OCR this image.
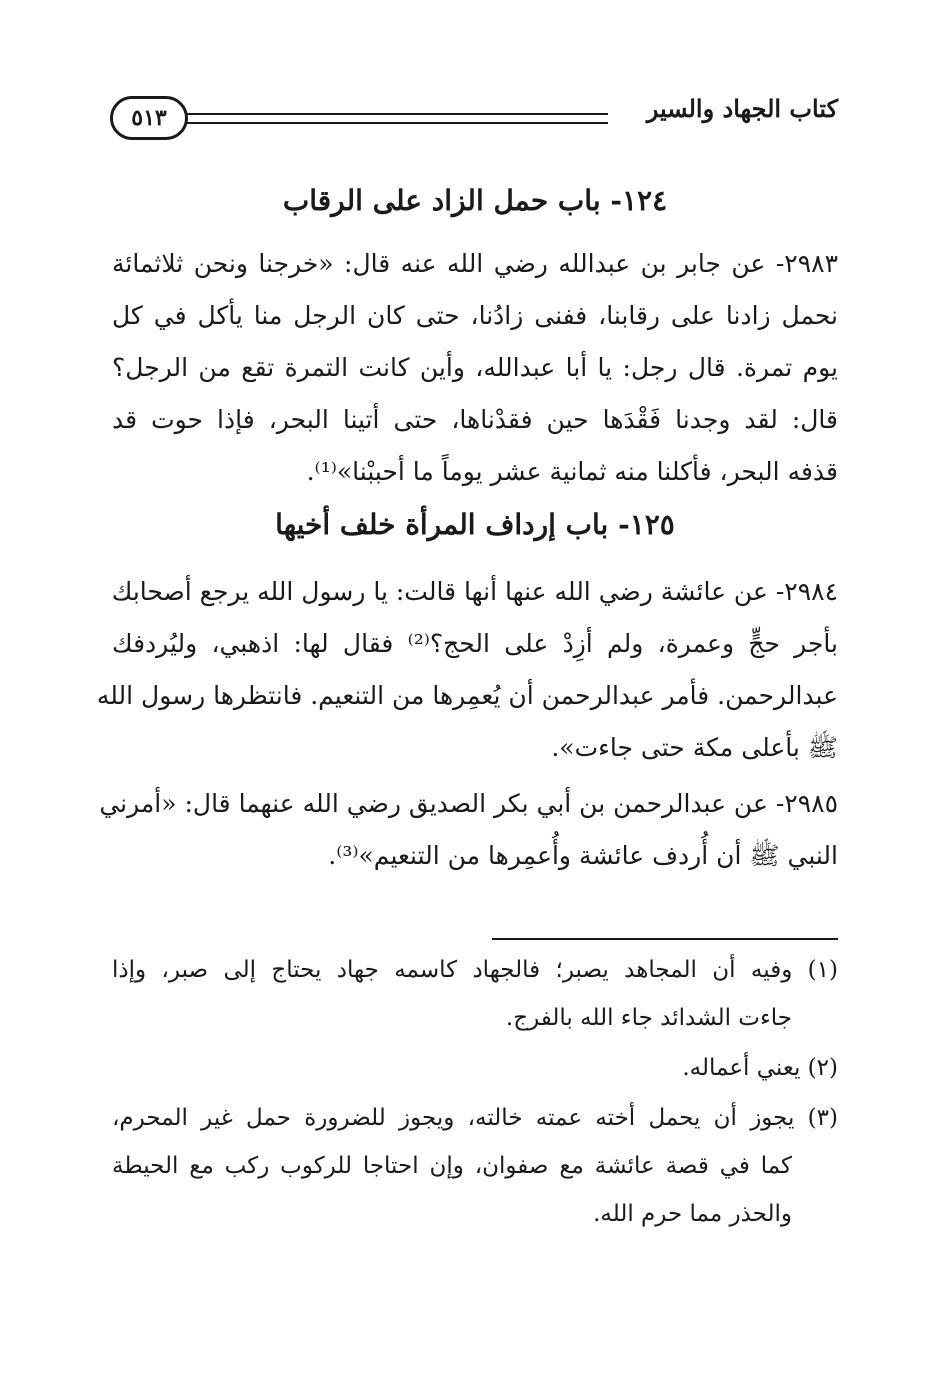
كتاب الجهاد والسير
٥١٣
١٢٤- باب حمل الزاد على الرقاب
٢٩٨٣- عن جابر بن عبدالله رضي الله عنه قال: «خرجنا ونحن ثلاثمائة
نحمل زادنا على رقابنا، ففنى زادُنا، حتى كان الرجل منا يأكل في كل
يوم تمرة. قال رجل: يا أبا عبدالله، وأين كانت التمرة تقع من الرجل؟
قال: لقد وجدنا فَقْدَها حين فقدْناها، حتى أتينا البحر، فإذا حوت قد
قذفه البحر، فأكلنا منه ثمانية عشر يوماً ما أحببْنا»⁽¹⁾.
١٢٥- باب إرداف المرأة خلف أخيها
٢٩٨٤- عن عائشة رضي الله عنها أنها قالت: يا رسول الله يرجع أصحابك
بأجر حجٍّ وعمرة، ولم أزِدْ على الحج؟⁽²⁾ فقال لها: اذهبي، وليُردفك
عبدالرحمن. فأمر عبدالرحمن أن يُعمِرها من التنعيم. فانتظرها رسول الله
ﷺ بأعلى مكة حتى جاءت».
٢٩٨٥- عن عبدالرحمن بن أبي بكر الصديق رضي الله عنهما قال: «أمرني
النبي ﷺ أن أُردف عائشة وأُعمِرها من التنعيم»⁽³⁾.
(١) وفيه أن المجاهد يصبر؛ فالجهاد كاسمه جهاد يحتاج إلى صبر، وإذا
جاءت الشدائد جاء الله بالفرج.
(٢) يعني أعماله.
(٣) يجوز أن يحمل أخته عمته خالته، ويجوز للضرورة حمل غير المحرم،
كما في قصة عائشة مع صفوان، وإن احتاجا للركوب ركب مع الحيطة
والحذر مما حرم الله.
